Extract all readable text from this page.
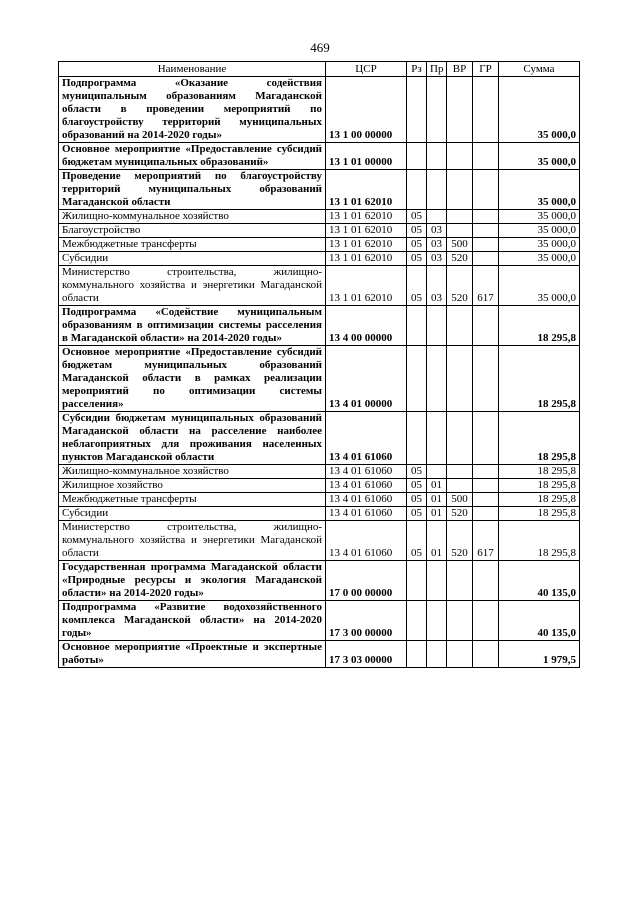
469
Наименование	ЦСР	Рз	Пр	ВР	ГР	Сумма
Подпрограмма «Оказание содействия муниципальным образованиям Магаданской области в проведении мероприятий по благоустройству территорий муниципальных образований на 2014-2020 годы»	13 1 00 00000					35 000,0
Основное мероприятие «Предоставление субсидий бюджетам муниципальных образований»	13 1 01 00000					35 000,0
Проведение мероприятий по благоустройству территорий муниципальных образований Магаданской области	13 1 01 62010					35 000,0
Жилищно-коммунальное хозяйство	13 1 01 62010	05				35 000,0
Благоустройство	13 1 01 62010	05	03			35 000,0
Межбюджетные трансферты	13 1 01 62010	05	03	500		35 000,0
Субсидии	13 1 01 62010	05	03	520		35 000,0
Министерство строительства, жилищно-коммунального хозяйства и энергетики Магаданской области	13 1 01 62010	05	03	520	617	35 000,0
Подпрограмма «Содействие муниципальным образованиям в оптимизации системы расселения в Магаданской области» на 2014-2020 годы»	13 4 00 00000					18 295,8
Основное мероприятие «Предоставление субсидий бюджетам муниципальных образований Магаданской области в рамках реализации мероприятий по оптимизации системы расселения»	13 4 01 00000					18 295,8
Субсидии бюджетам муниципальных образований Магаданской области на расселение наиболее неблагоприятных для проживания населенных пунктов Магаданской области	13 4 01 61060					18 295,8
Жилищно-коммунальное хозяйство	13 4 01 61060	05				18 295,8
Жилищное хозяйство	13 4 01 61060	05	01			18 295,8
Межбюджетные трансферты	13 4 01 61060	05	01	500		18 295,8
Субсидии	13 4 01 61060	05	01	520		18 295,8
Министерство строительства, жилищно-коммунального хозяйства и энергетики Магаданской области	13 4 01 61060	05	01	520	617	18 295,8
Государственная программа Магаданской области «Природные ресурсы и экология Магаданской области» на 2014-2020 годы»	17 0 00 00000					40 135,0
Подпрограмма «Развитие водохозяйственного комплекса Магаданской области» на 2014-2020 годы»	17 3 00 00000					40 135,0
Основное мероприятие «Проектные и экспертные работы»	17 3 03 00000					1 979,5
